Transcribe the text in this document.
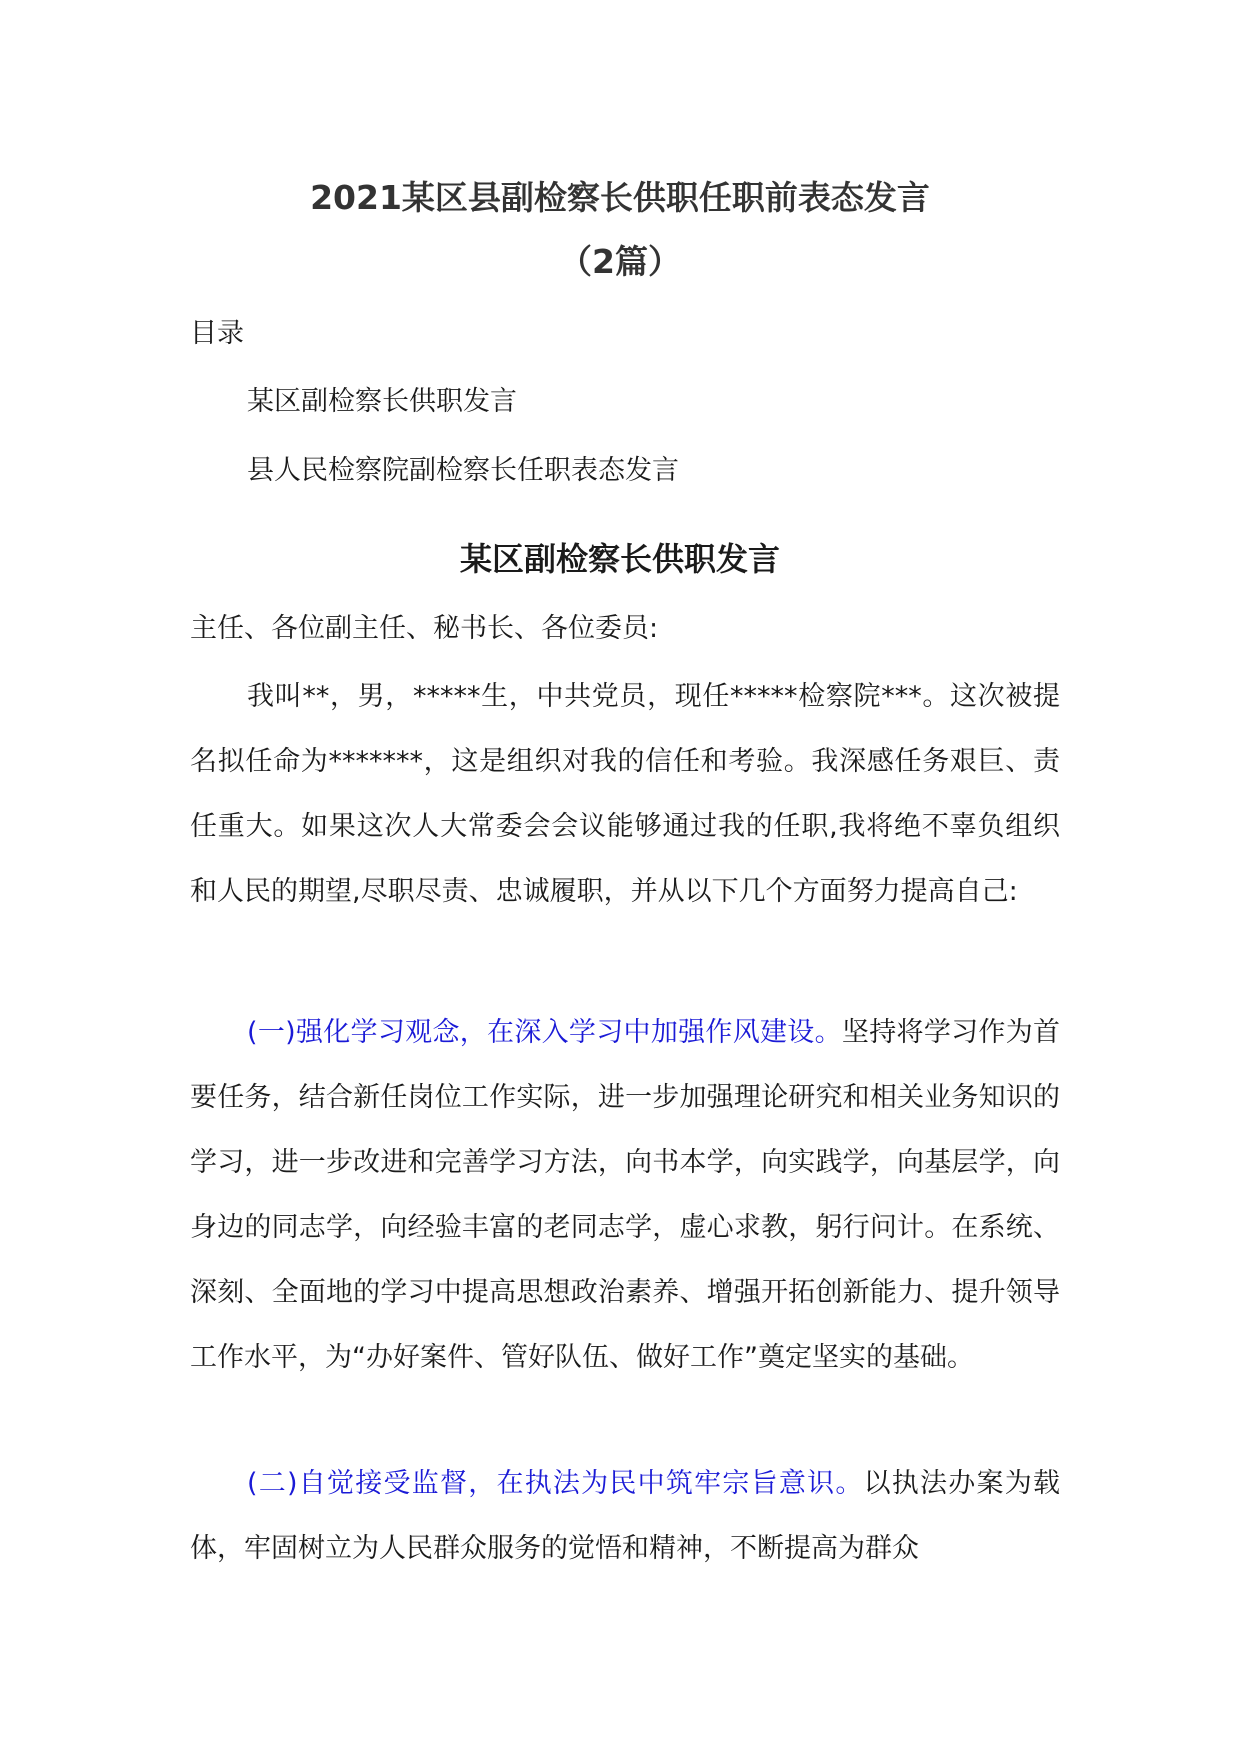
2021某区县副检察长供职任职前表态发言
（2篇）
目录
某区副检察长供职发言
县人民检察院副检察长任职表态发言
某区副检察长供职发言
主任、各位副主任、秘书长、各位委员:

我叫**，男，*****生，中共党员，现任*****检察院***。这次被提名拟任命为*******，这是组织对我的信任和考验。我深感任务艰巨、责任重大。如果这次人大常委会会议能够通过我的任职,我将绝不辜负组织和人民的期望,尽职尽责、忠诚履职，并从以下几个方面努力提高自己:

(一)强化学习观念，在深入学习中加强作风建设。坚持将学习作为首要任务，结合新任岗位工作实际，进一步加强理论研究和相关业务知识的学习，进一步改进和完善学习方法，向书本学，向实践学，向基层学，向身边的同志学，向经验丰富的老同志学，虚心求教，躬行问计。在系统、深刻、全面地的学习中提高思想政治素养、增强开拓创新能力、提升领导工作水平，为“办好案件、管好队伍、做好工作”奠定坚实的基础。

(二)自觉接受监督，在执法为民中筑牢宗旨意识。以执法办案为载体，牢固树立为人民群众服务的觉悟和精神，不断提高为群众
